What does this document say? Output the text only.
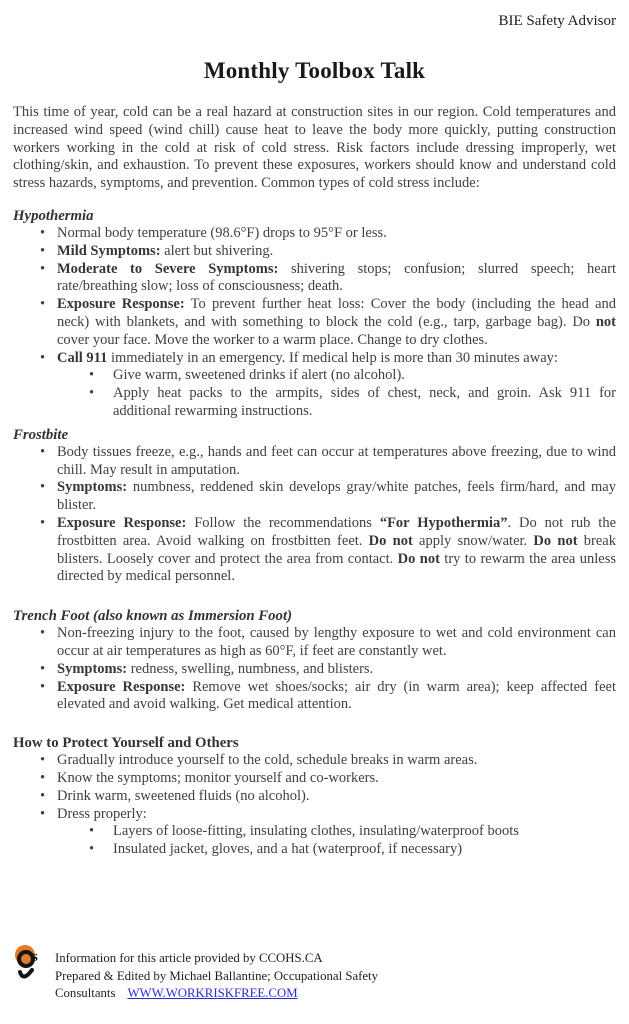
BIE Safety Advisor
Monthly Toolbox Talk

This time of year, cold can be a real hazard at construction sites in our region. Cold temperatures and increased wind speed (wind chill) cause heat to leave the body more quickly, putting construction workers working in the cold at risk of cold stress. Risk factors include dressing improperly, wet clothing/skin, and exhaustion. To prevent these exposures, workers should know and understand cold stress hazards, symptoms, and prevention. Common types of cold stress include:

Hypothermia
• Normal body temperature (98.6°F) drops to 95°F or less.
• Mild Symptoms: alert but shivering.
• Moderate to Severe Symptoms: shivering stops; confusion; slurred speech; heart rate/breathing slow; loss of consciousness; death.
• Exposure Response: To prevent further heat loss: Cover the body (including the head and neck) with blankets, and with something to block the cold (e.g., tarp, garbage bag). Do not cover your face. Move the worker to a warm place. Change to dry clothes.
• Call 911 immediately in an emergency. If medical help is more than 30 minutes away:
• Give warm, sweetened drinks if alert (no alcohol).
• Apply heat packs to the armpits, sides of chest, neck, and groin. Ask 911 for additional rewarming instructions.
Frostbite
• Body tissues freeze, e.g., hands and feet can occur at temperatures above freezing, due to wind chill. May result in amputation.
• Symptoms: numbness, reddened skin develops gray/white patches, feels firm/hard, and may blister.
• Exposure Response: Follow the recommendations “For Hypothermia”. Do not rub the frostbitten area. Avoid walking on frostbitten feet. Do not apply snow/water. Do not break blisters. Loosely cover and protect the area from contact. Do not try to rewarm the area unless directed by medical personnel.
Trench Foot (also known as Immersion Foot)
• Non-freezing injury to the foot, caused by lengthy exposure to wet and cold environment can occur at air temperatures as high as 60°F, if feet are constantly wet.
• Symptoms: redness, swelling, numbness, and blisters.
• Exposure Response: Remove wet shoes/socks; air dry (in warm area); keep affected feet elevated and avoid walking. Get medical attention.
How to Protect Yourself and Others
• Gradually introduce yourself to the cold, schedule breaks in warm areas.
• Know the symptoms; monitor yourself and co-workers.
• Drink warm, sweetened fluids (no alcohol).
• Dress properly:
• Layers of loose-fitting, insulating clothes, insulating/waterproof boots
• Insulated jacket, gloves, and a hat (waterproof, if necessary)
s Information for this article provided by CCOHS.CA
Prepared & Edited by Michael Ballantine; Occupational Safety Consultants WWW.WORKRISKFREE.COM
